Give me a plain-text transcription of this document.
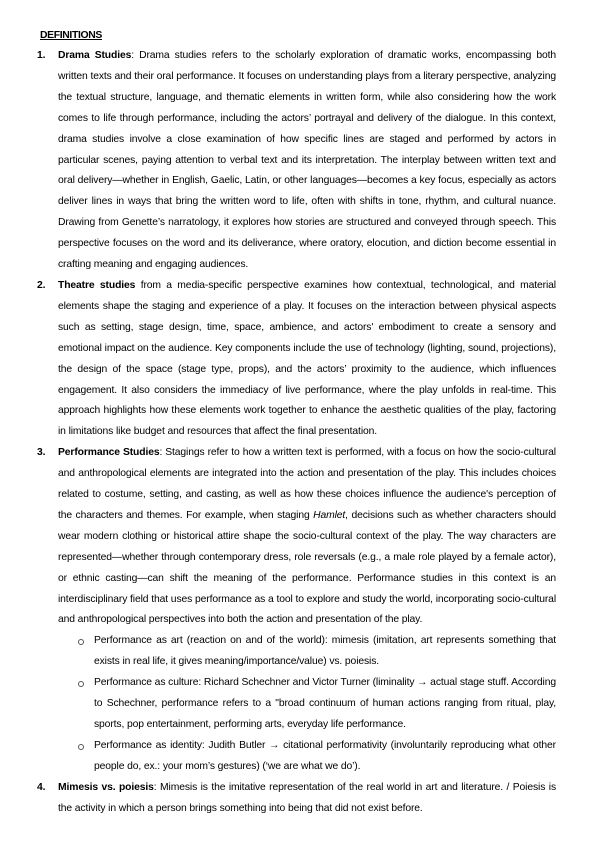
DEFINITIONS
1. Drama Studies: Drama studies refers to the scholarly exploration of dramatic works, encompassing both written texts and their oral performance. It focuses on understanding plays from a literary perspective, analyzing the textual structure, language, and thematic elements in written form, while also considering how the work comes to life through performance, including the actors’ portrayal and delivery of the dialogue. In this context, drama studies involve a close examination of how specific lines are staged and performed by actors in particular scenes, paying attention to verbal text and its interpretation. The interplay between written text and oral delivery—whether in English, Gaelic, Latin, or other languages—becomes a key focus, especially as actors deliver lines in ways that bring the written word to life, often with shifts in tone, rhythm, and cultural nuance. Drawing from Genette’s narratology, it explores how stories are structured and conveyed through speech. This perspective focuses on the word and its deliverance, where oratory, elocution, and diction become essential in crafting meaning and engaging audiences.
2. Theatre studies from a media-specific perspective examines how contextual, technological, and material elements shape the staging and experience of a play. It focuses on the interaction between physical aspects such as setting, stage design, time, space, ambience, and actors' embodiment to create a sensory and emotional impact on the audience. Key components include the use of technology (lighting, sound, projections), the design of the space (stage type, props), and the actors’ proximity to the audience, which influences engagement. It also considers the immediacy of live performance, where the play unfolds in real-time. This approach highlights how these elements work together to enhance the aesthetic qualities of the play, factoring in limitations like budget and resources that affect the final presentation.
3. Performance Studies: Stagings refer to how a written text is performed, with a focus on how the socio-cultural and anthropological elements are integrated into the action and presentation of the play. This includes choices related to costume, setting, and casting, as well as how these choices influence the audience's perception of the characters and themes. For example, when staging Hamlet, decisions such as whether characters should wear modern clothing or historical attire shape the socio-cultural context of the play. The way characters are represented—whether through contemporary dress, role reversals (e.g., a male role played by a female actor), or ethnic casting—can shift the meaning of the performance. Performance studies in this context is an interdisciplinary field that uses performance as a tool to explore and study the world, incorporating socio-cultural and anthropological perspectives into both the action and presentation of the play.
Performance as art (reaction on and of the world): mimesis (imitation, art represents something that exists in real life, it gives meaning/importance/value) vs. poiesis.
Performance as culture: Richard Schechner and Victor Turner (liminality → actual stage stuff. According to Schechner, performance refers to a "broad continuum of human actions ranging from ritual, play, sports, pop entertainment, performing arts, everyday life performance.
Performance as identity: Judith Butler → citational performativity (involuntarily reproducing what other people do, ex.: your mom’s gestures) (‘we are what we do’).
4. Mimesis vs. poiesis: Mimesis is the imitative representation of the real world in art and literature. / Poiesis is the activity in which a person brings something into being that did not exist before.
